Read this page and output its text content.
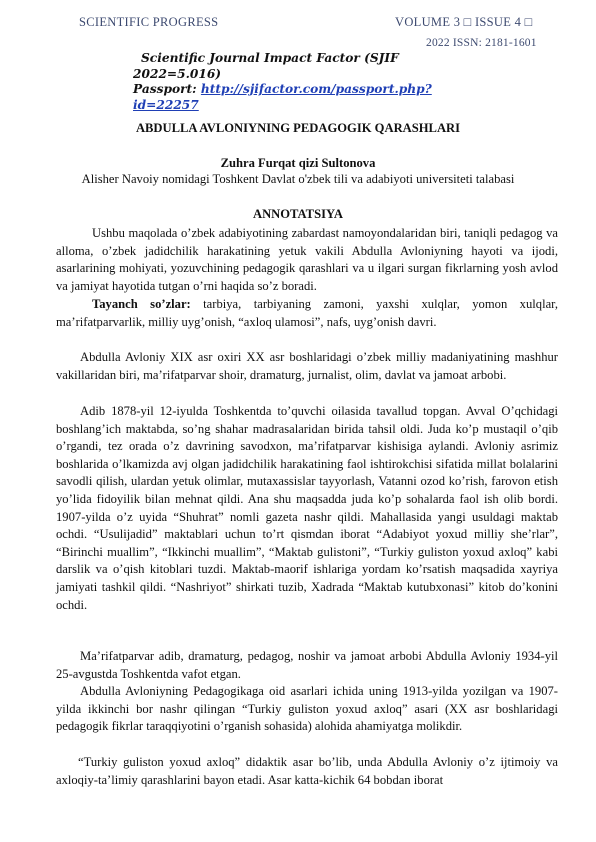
SCIENTIFIC PROGRESS	VOLUME 3 □ ISSUE 4 □
2022 ISSN: 2181-1601
Scientific Journal Impact Factor (SJIF
2022=5.016)
Passport: http://sjifactor.com/passport.php?
id=22257
ABDULLA AVLONIYNING PEDAGOGIK QARASHLARI
Zuhra Furqat qizi Sultonova
Alisher Navoiy nomidagi Toshkent Davlat o'zbek tili va adabiyoti universiteti talabasi
ANNOTATSIYA

Ushbu maqolada o’zbek adabiyotining zabardast namoyondalaridan biri, taniqli pedagog va alloma, o’zbek jadidchilik harakatining yetuk vakili Abdulla Avloniyning hayoti va ijodi, asarlarining mohiyati, yozuvchining pedagogik qarashlari va u ilgari surgan fikrlarning yosh avlod va jamiyat hayotida tutgan o’rni haqida so’z boradi.

Tayanch so’zlar: tarbiya, tarbiyaning zamoni, yaxshi xulqlar, yomon xulqlar, ma’rifatparvarlik, milliy uyg’onish, “axloq ulamosi”, nafs, uyg’onish davri.

Abdulla Avloniy XIX asr oxiri XX asr boshlaridagi o’zbek milliy madaniyatining mashhur vakillaridan biri, ma’rifatparvar shoir, dramaturg, jurnalist, olim, davlat va jamoat arbobi.

Adib 1878-yil 12-iyulda Toshkentda to’quvchi oilasida tavallud topgan. Avval O’qchidagi boshlang’ich maktabda, so’ng shahar madrasalaridan birida tahsil oldi. Juda ko’p mustaqil o’qib o’rgandi, tez orada o’z davrining savodxon, ma’rifatparvar kishisiga aylandi. Avloniy asrimiz boshlarida o’lkamizda avj olgan jadidchilik harakatining faol ishtirokchisi sifatida millat bolalarini savodli qilish, ulardan yetuk olimlar, mutaxassislar tayyorlash, Vatanni ozod ko’rish, farovon etish yo’lida fidoyilik bilan mehnat qildi. Ana shu maqsadda juda ko’p sohalarda faol ish olib bordi. 1907-yilda o’z uyida “Shuhrat” nomli gazeta nashr qildi. Mahallasida yangi usuldagi maktab ochdi. “Usulijadid” maktablari uchun to’rt qismdan iborat “Adabiyot yoxud milliy she’rlar”, “Birinchi muallim”, “Ikkinchi muallim”, “Maktab gulistoni”, “Turkiy guliston yoxud axloq” kabi darslik va o’qish kitoblari tuzdi. Maktab-maorif ishlariga yordam ko’rsatish maqsadida xayriya jamiyati tashkil qildi. “Nashriyot” shirkati tuzib, Xadrada “Maktab kutubxonasi” kitob do’konini ochdi.

Ma’rifatparvar adib, dramaturg, pedagog, noshir va jamoat arbobi Abdulla Avloniy 1934-yil 25-avgustda Toshkentda vafot etgan.

Abdulla Avloniyning Pedagogikaga oid asarlari ichida uning 1913-yilda yozilgan va 1907-yilda ikkinchi bor nashr qilingan “Turkiy guliston yoxud axloq” asari (XX asr boshlaridagi pedagogik fikrlar taraqqiyotini o’rganish sohasida) alohida ahamiyatga molikdir.

“Turkiy guliston yoxud axloq” didaktik asar bo’lib, unda Abdulla Avloniy o’z ijtimoiy va axloqiy-ta’limiy qarashlarini bayon etadi. Asar katta-kichik 64 bobdan iborat
